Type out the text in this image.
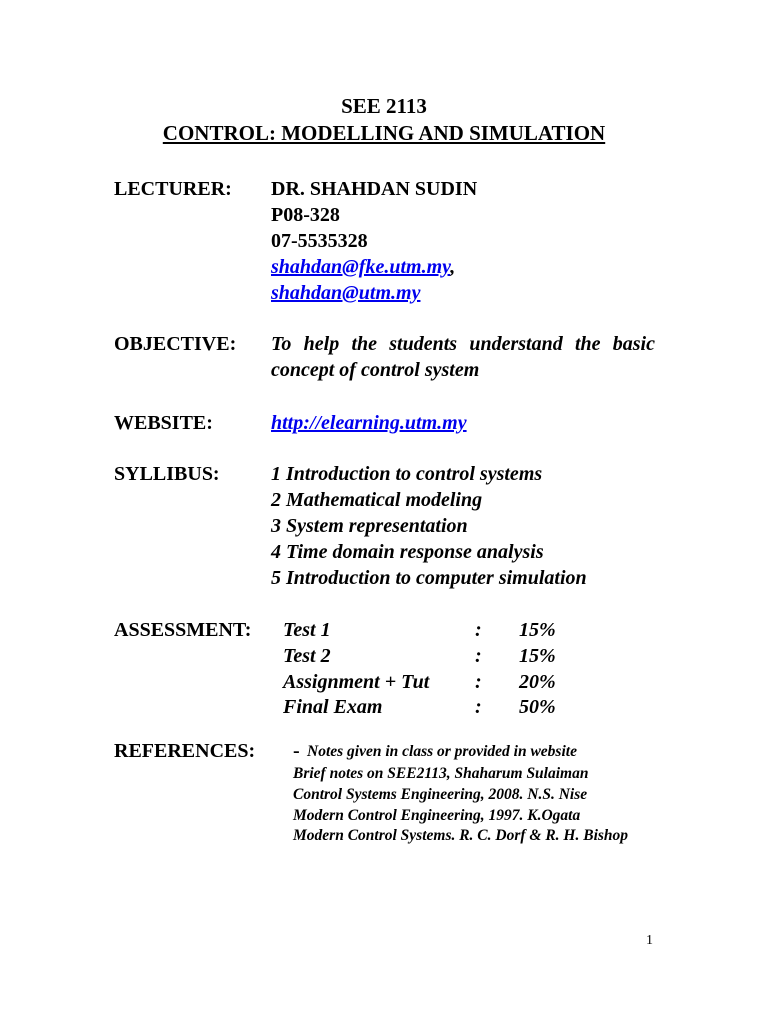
SEE 2113
CONTROL: MODELLING AND SIMULATION
LECTURER: DR. SHAHDAN SUDIN
P08-328
07-5535328
shahdan@fke.utm.my,
shahdan@utm.my
OBJECTIVE: To help the students understand the basic concept of control system
WEBSITE:	http://elearning.utm.my
SYLLIBUS:	1 Introduction to control systems
2 Mathematical modeling
3 System representation
4 Time domain response analysis
5 Introduction to computer simulation
ASSESSMENT: Test 1	: 15%
Test 2	: 15%
Assignment + Tut : 20%
Final Exam	: 50%
REFERENCES: - Notes given in class or provided in website
Brief notes on SEE2113, Shaharum Sulaiman
Control Systems Engineering, 2008. N.S. Nise
Modern Control Engineering, 1997. K.Ogata
Modern Control Systems. R. C. Dorf & R. H. Bishop
1
